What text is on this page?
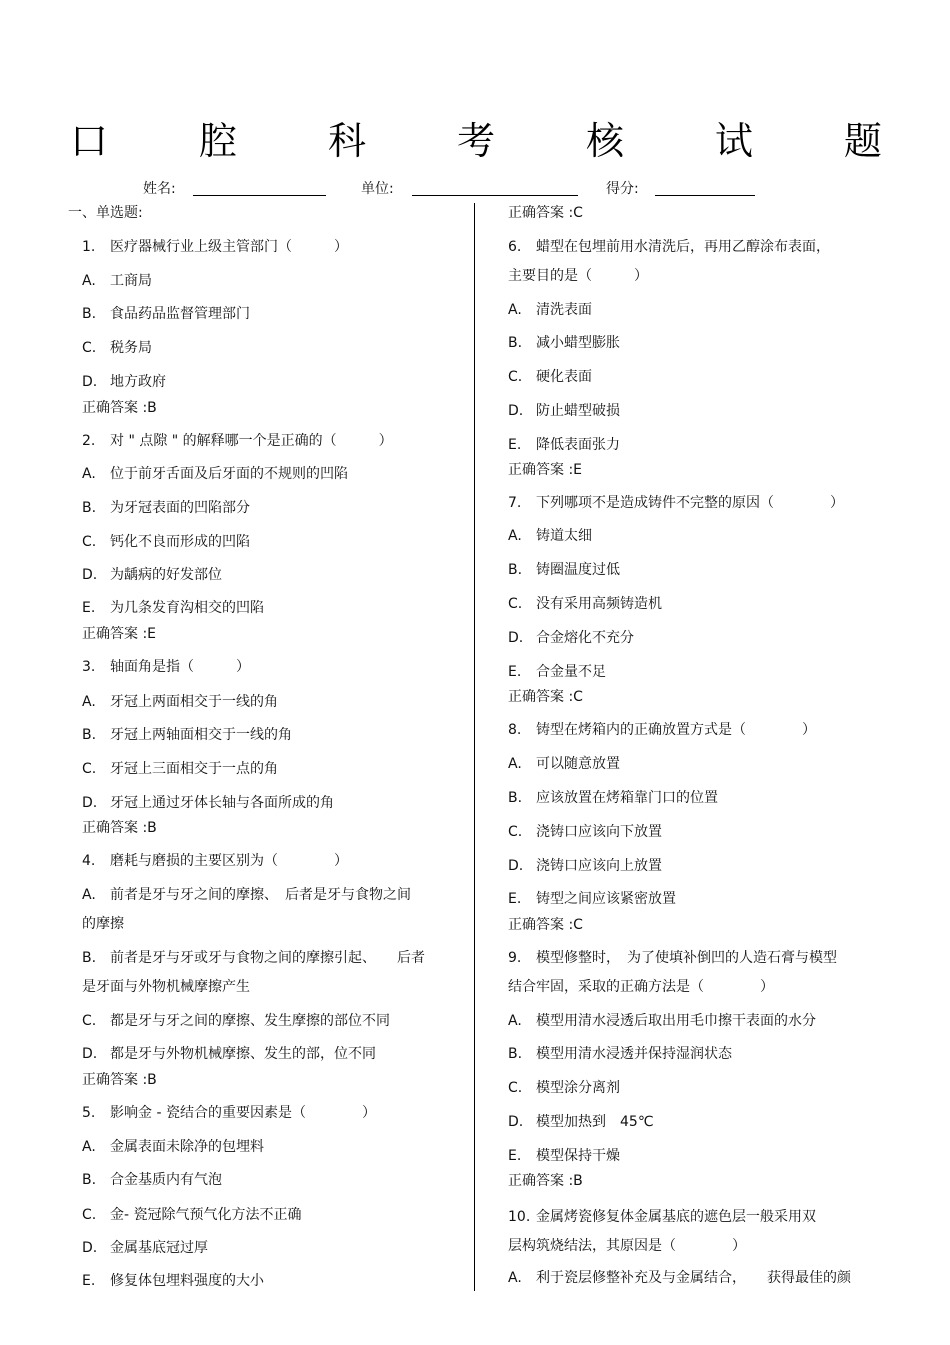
口 腔 科 考 核 试 题
姓名:	单位:	得分:
一、单选题:
1. 医疗器械行业上级主管部门（　　　）
A. 工商局
B. 食品药品监督管理部门
C. 税务局
D. 地方政府
正确答案 :B
2. 对 " 点隙 " 的解释哪一个是正确的（　　　）
A. 位于前牙舌面及后牙面的不规则的凹陷
B. 为牙冠表面的凹陷部分
C. 钙化不良而形成的凹陷
D. 为龋病的好发部位
E. 为几条发育沟相交的凹陷
正确答案 :E
3. 轴面角是指（　　　）
A. 牙冠上两面相交于一线的角
B. 牙冠上两轴面相交于一线的角
C. 牙冠上三面相交于一点的角
D. 牙冠上通过牙体长轴与各面所成的角
正确答案 :B
4. 磨耗与磨损的主要区别为（　　　　）
A. 前者是牙与牙之间的摩擦、　后者是牙与食物之间
的摩擦
B. 前者是牙与牙或牙与食物之间的摩擦引起、　　后者
是牙面与外物机械摩擦产生
C. 都是牙与牙之间的摩擦、发生摩擦的部位不同
D. 都是牙与外物机械摩擦、发生的部，位不同
正确答案 :B
5. 影响金 - 瓷结合的重要因素是（　　　　）
A. 金属表面未除净的包埋料
B. 合金基质内有气泡
C. 金- 瓷冠除气预气化方法不正确
D. 金属基底冠过厚
E. 修复体包埋料强度的大小
正确答案 :C
6. 蜡型在包埋前用水清洗后，再用乙醇涂布表面，
主要目的是（　　　）
A. 清洗表面
B. 减小蜡型膨胀
C. 硬化表面
D. 防止蜡型破损
E. 降低表面张力
正确答案 :E
7. 下列哪项不是造成铸件不完整的原因（　　　　）
A. 铸道太细
B. 铸圈温度过低
C. 没有采用高频铸造机
D. 合金熔化不充分
E. 合金量不足
正确答案 :C
8. 铸型在烤箱内的正确放置方式是（　　　　）
A. 可以随意放置
B. 应该放置在烤箱靠门口的位置
C. 浇铸口应该向下放置
D. 浇铸口应该向上放置
E. 铸型之间应该紧密放置
正确答案 :C
9. 模型修整时，　为了使填补倒凹的人造石膏与模型
结合牢固，采取的正确方法是（　　　　）
A. 模型用清水浸透后取出用毛巾擦干表面的水分
B. 模型用清水浸透并保持湿润状态
C. 模型涂分离剂
D. 模型加热到　45℃
E. 模型保持干燥
正确答案 :B
10. 金属烤瓷修复体金属基底的遮色层一般采用双
层构筑烧结法，其原因是（　　　　）
A. 利于瓷层修整补充及与金属结合，　　获得最佳的颜
